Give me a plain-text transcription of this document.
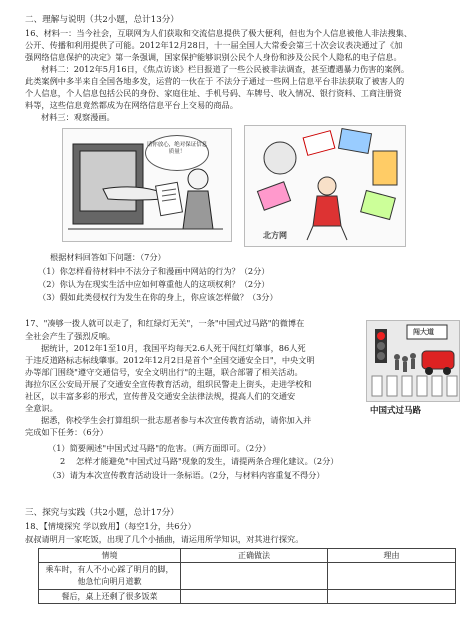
二、理解与说明（共2小题，总计13分）
16、材料一：当今社会，互联网为人们获取和交流信息提供了极大便利，但也为个人信息被他人非法搜集、
公开、传播和利用提供了可能。2012年12月28日，十一届全国人大常委会第三十次会议表决通过了《加
强网络信息保护的决定》第一条强调，国家保护能够识别公民个人身份和涉及公民个人隐私的电子信息。
材料二：2012年5月16日，《焦点访谈》栏目报道了一些公民被非法调查，甚至遭遇暴力伤害的案例。
此类案例中多半来自全国各地多发，运营的一伙在于 不法分子通过一些网上信息平台非法获取了被害人的
个人信息，个人信息包括公民的身份、家庭住址、手机号码、车牌号、收入情况、银行资料、工商注册资
料等，这些信息竟然都成为在网络信息平台上交易的商品。
材料三：观察漫画。
请你放心，绝对保证信息质量！
北方网
根据材料回答如下问题：（7分）
（1）你怎样看待材料中不法分子和漫画中网站的行为？（2分）
（2）你认为在现实生活中应如何尊重他人的这项权利？（2分）
（3）假如此类侵权行为发生在你的身上，你应该怎样做？（3分）
17、"凑够一拨人就可以走了，和红绿灯无关"，一条"中国式过马路"的微博在
全社会产生了强烈反响。
据统计，2012年1至10月，我国平均每天2.6人死于闯红灯肇事，86人死
于违反道路标志标线肇事。2012年12月2日是首个"全国交通安全日"，中央文明
办等部门围绕"遵守交通信号，安全文明出行"的主题，联合部署了相关活动。
海拉尔区公安局开展了交通安全宣传教育活动，组织民警走上街头，走进学校和
社区，以丰富多彩的形式，宣传普及交通安全法律法规，提高人们的交通安
全意识。
据悉，你校学生会打算组织一批志愿者参与本次宣传教育活动，请你加入并
完成如下任务：（6分）
（1）简要阐述"中国式过马路"的危害。（两方面即可。（2分）
2 怎样才能避免"中国式过马路"现象的发生，请提两条合理化建议。（2分）
（3）请为本次宣传教育活动设计一条标语。（2分，与材料内容重复不得分）
闯大道
中国式过马路
三、探究与实践（共2小题，总计17分）
18、【情境探究 学以致用】（每空1分，共6分）
叔叔请明月一家吃饭，出现了几个小插曲，请运用所学知识，对其进行探究。
情境	正确做法	理由
乘车时，有人不小心踩了明月的脚，他急忙向明月道歉		
餐后，桌上还剩了很多饭菜		
